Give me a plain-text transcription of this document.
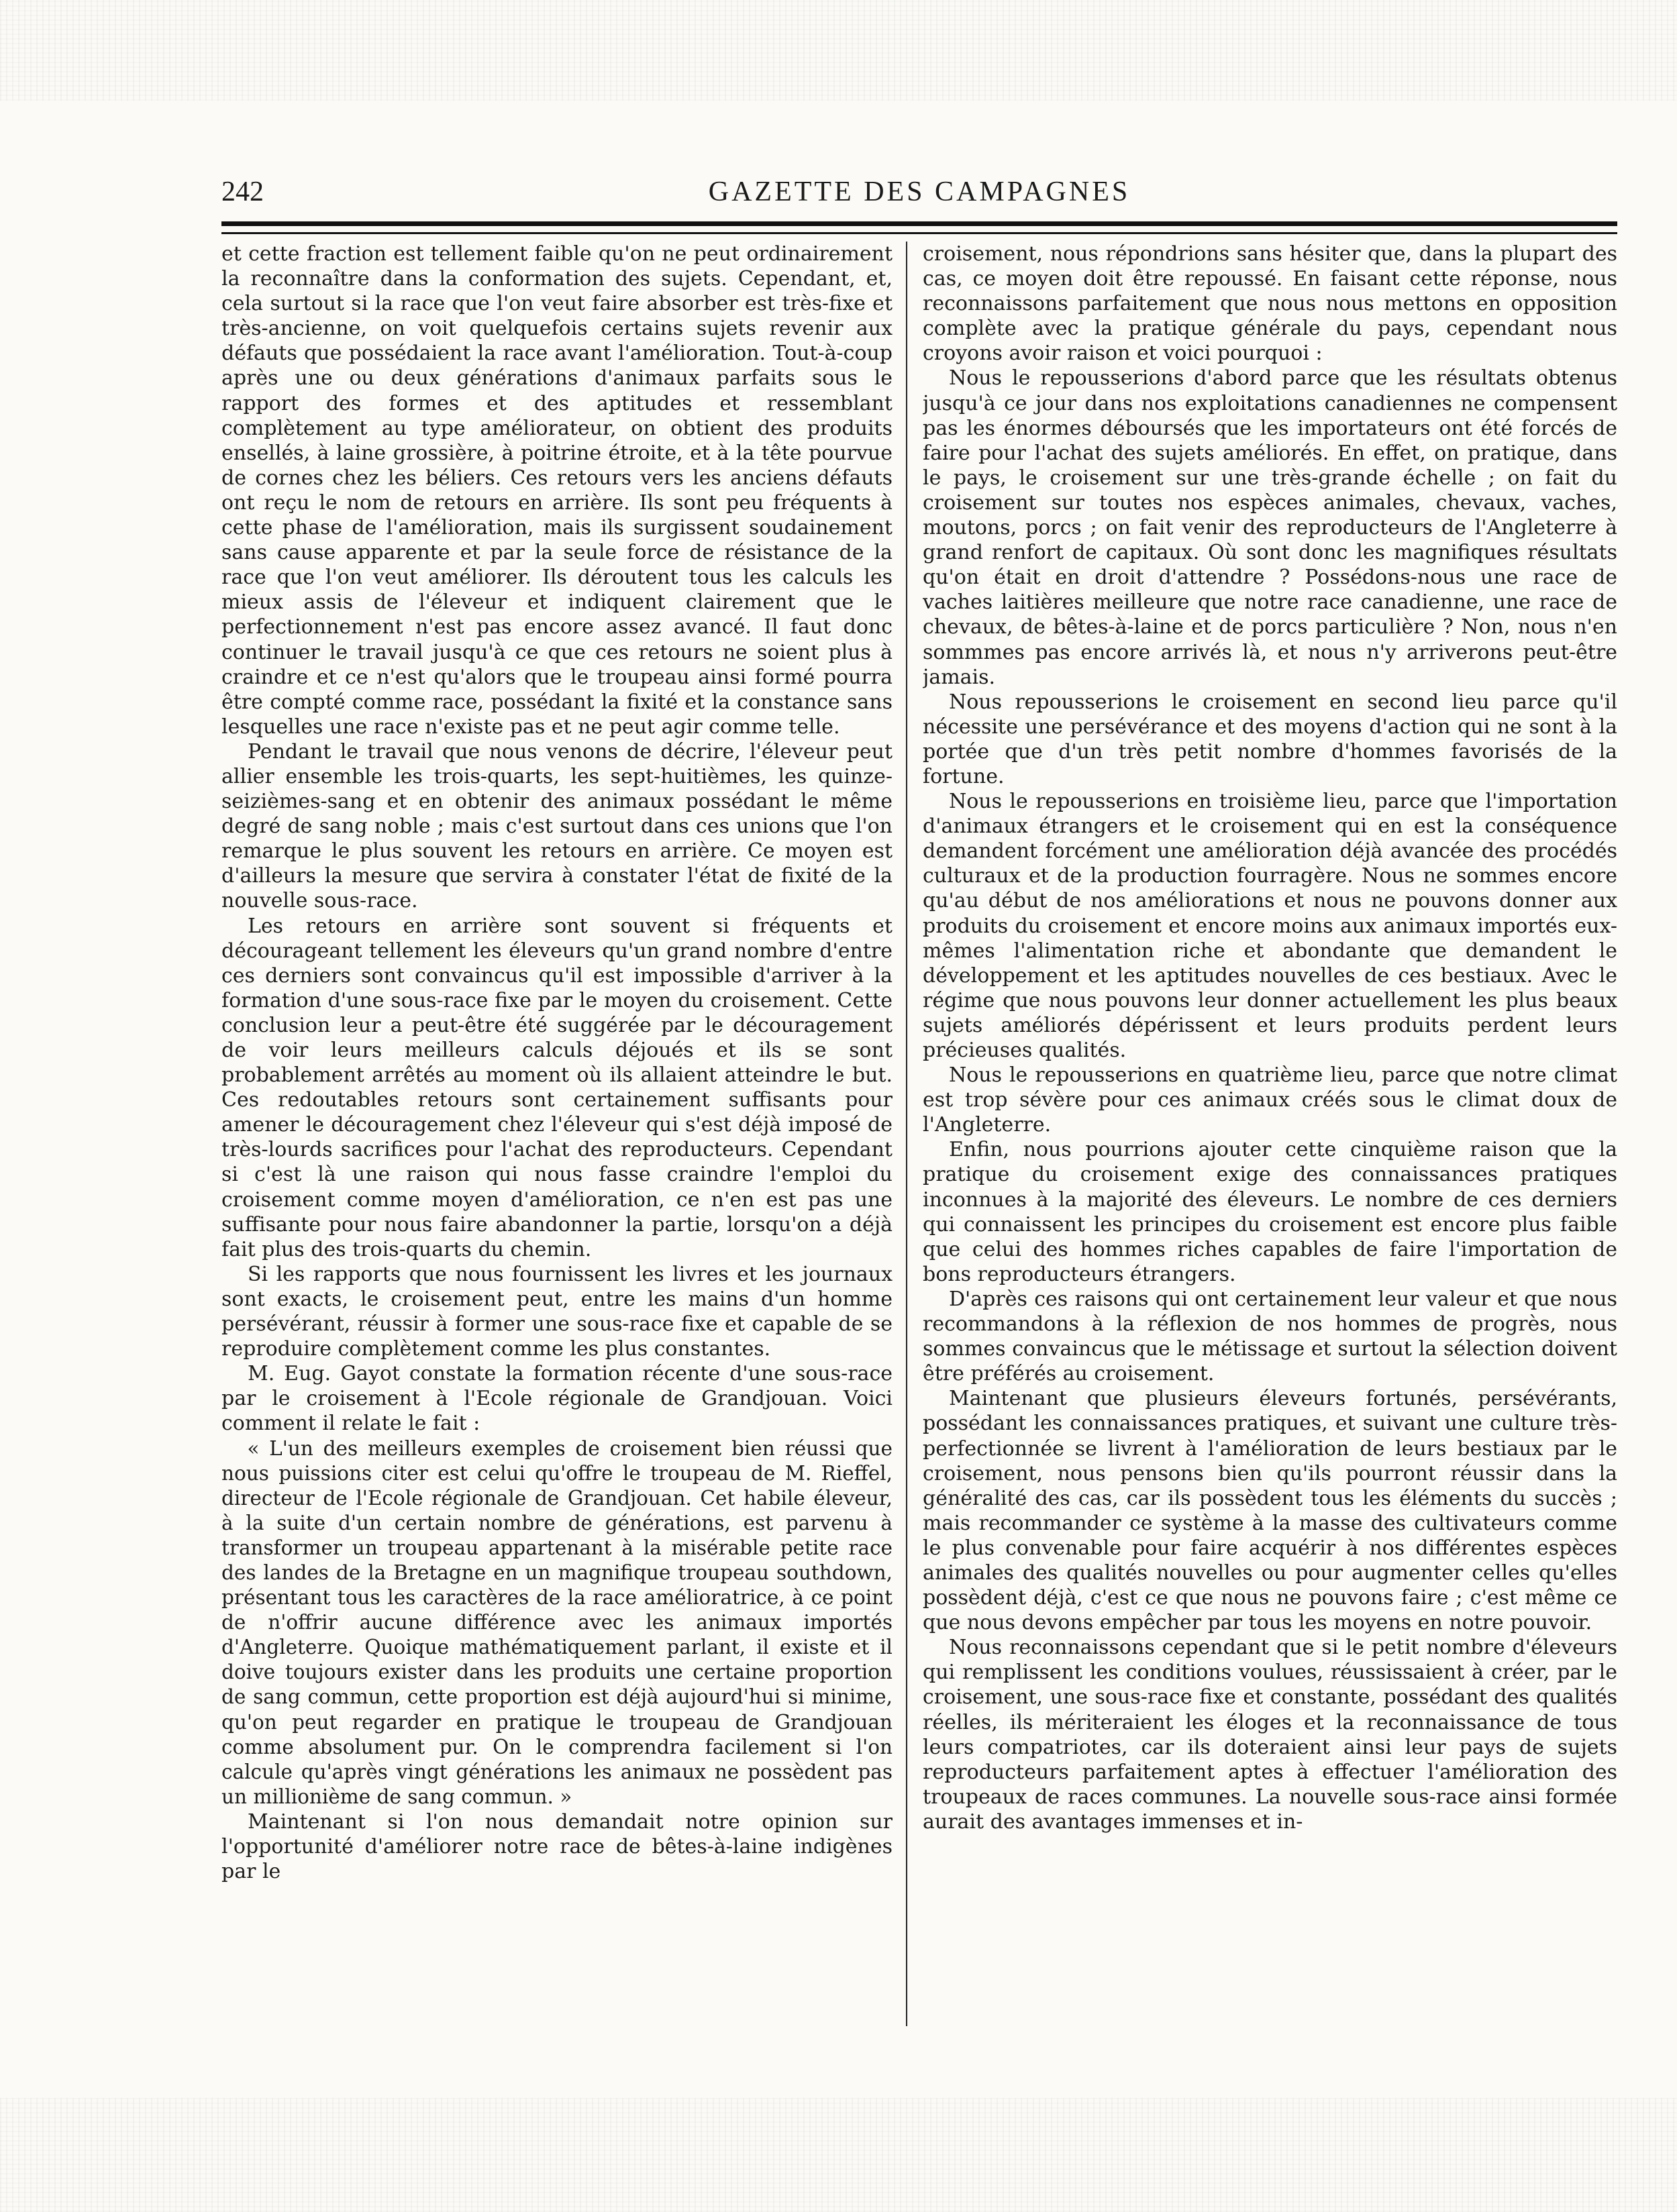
242	GAZETTE DES CAMPAGNES

et cette fraction est tellement faible qu'on ne peut ordinairement la reconnaître dans la conformation des sujets. Cependant, et, cela surtout si la race que l'on veut faire absorber est très-fixe et très-ancienne, on voit quelquefois certains sujets revenir aux défauts que possédaient la race avant l'amélioration. Tout-à-coup après une ou deux générations d'animaux parfaits sous le rapport des formes et des aptitudes et ressemblant complètement au type améliorateur, on obtient des produits ensellés, à laine grossière, à poitrine étroite, et à la tête pourvue de cornes chez les béliers. Ces retours vers les anciens défauts ont reçu le nom de retours en arrière. Ils sont peu fréquents à cette phase de l'amélioration, mais ils surgissent soudainement sans cause apparente et par la seule force de résistance de la race que l'on veut améliorer. Ils déroutent tous les calculs les mieux assis de l'éleveur et indiquent clairement que le perfectionnement n'est pas encore assez avancé. Il faut donc continuer le travail jusqu'à ce que ces retours ne soient plus à craindre et ce n'est qu'alors que le troupeau ainsi formé pourra être compté comme race, possédant la fixité et la constance sans lesquelles une race n'existe pas et ne peut agir comme telle.

Pendant le travail que nous venons de décrire, l'éleveur peut allier ensemble les trois-quarts, les sept-huitièmes, les quinze-seizièmes-sang et en obtenir des animaux possédant le même degré de sang noble ; mais c'est surtout dans ces unions que l'on remarque le plus souvent les retours en arrière. Ce moyen est d'ailleurs la mesure que servira à constater l'état de fixité de la nouvelle sous-race.

Les retours en arrière sont souvent si fréquents et décourageant tellement les éleveurs qu'un grand nombre d'entre ces derniers sont convaincus qu'il est impossible d'arriver à la formation d'une sous-race fixe par le moyen du croisement. Cette conclusion leur a peut-être été suggérée par le découragement de voir leurs meilleurs calculs déjoués et ils se sont probablement arrêtés au moment où ils allaient atteindre le but. Ces redoutables retours sont certainement suffisants pour amener le découragement chez l'éleveur qui s'est déjà imposé de très-lourds sacrifices pour l'achat des reproducteurs. Cependant si c'est là une raison qui nous fasse craindre l'emploi du croisement comme moyen d'amélioration, ce n'en est pas une suffisante pour nous faire abandonner la partie, lorsqu'on a déjà fait plus des trois-quarts du chemin.

Si les rapports que nous fournissent les livres et les journaux sont exacts, le croisement peut, entre les mains d'un homme persévérant, réussir à former une sous-race fixe et capable de se reproduire complètement comme les plus constantes.

M. Eug. Gayot constate la formation récente d'une sous-race par le croisement à l'Ecole régionale de Grandjouan. Voici comment il relate le fait :

« L'un des meilleurs exemples de croisement bien réussi que nous puissions citer est celui qu'offre le troupeau de M. Rieffel, directeur de l'Ecole régionale de Grandjouan. Cet habile éleveur, à la suite d'un certain nombre de générations, est parvenu à transformer un troupeau appartenant à la misérable petite race des landes de la Bretagne en un magnifique troupeau southdown, présentant tous les caractères de la race amélioratrice, à ce point de n'offrir aucune différence avec les animaux importés d'Angleterre. Quoique mathématiquement parlant, il existe et il doive toujours exister dans les produits une certaine proportion de sang commun, cette proportion est déjà aujourd'hui si minime, qu'on peut regarder en pratique le troupeau de Grandjouan comme absolument pur. On le comprendra facilement si l'on calcule qu'après vingt générations les animaux ne possèdent pas un millionième de sang commun. »

Maintenant si l'on nous demandait notre opinion sur l'opportunité d'améliorer notre race de bêtes-à-laine indigènes par le

croisement, nous répondrions sans hésiter que, dans la plupart des cas, ce moyen doit être repoussé. En faisant cette réponse, nous reconnaissons parfaitement que nous nous mettons en opposition complète avec la pratique générale du pays, cependant nous croyons avoir raison et voici pourquoi :

Nous le repousserions d'abord parce que les résultats obtenus jusqu'à ce jour dans nos exploitations canadiennes ne compensent pas les énormes déboursés que les importateurs ont été forcés de faire pour l'achat des sujets améliorés. En effet, on pratique, dans le pays, le croisement sur une très-grande échelle ; on fait du croisement sur toutes nos espèces animales, chevaux, vaches, moutons, porcs ; on fait venir des reproducteurs de l'Angleterre à grand renfort de capitaux. Où sont donc les magnifiques résultats qu'on était en droit d'attendre ? Possédons-nous une race de vaches laitières meilleure que notre race canadienne, une race de chevaux, de bêtes-à-laine et de porcs particulière ? Non, nous n'en sommmes pas encore arrivés là, et nous n'y arriverons peut-être jamais.

Nous repousserions le croisement en second lieu parce qu'il nécessite une persévérance et des moyens d'action qui ne sont à la portée que d'un très petit nombre d'hommes favorisés de la fortune.

Nous le repousserions en troisième lieu, parce que l'importation d'animaux étrangers et le croisement qui en est la conséquence demandent forcément une amélioration déjà avancée des procédés culturaux et de la production fourragère. Nous ne sommes encore qu'au début de nos améliorations et nous ne pouvons donner aux produits du croisement et encore moins aux animaux importés eux-mêmes l'alimentation riche et abondante que demandent le développement et les aptitudes nouvelles de ces bestiaux. Avec le régime que nous pouvons leur donner actuellement les plus beaux sujets améliorés dépérissent et leurs produits perdent leurs précieuses qualités.

Nous le repousserions en quatrième lieu, parce que notre climat est trop sévère pour ces animaux créés sous le climat doux de l'Angleterre.

Enfin, nous pourrions ajouter cette cinquième raison que la pratique du croisement exige des connaissances pratiques inconnues à la majorité des éleveurs. Le nombre de ces derniers qui connaissent les principes du croisement est encore plus faible que celui des hommes riches capables de faire l'importation de bons reproducteurs étrangers.

D'après ces raisons qui ont certainement leur valeur et que nous recommandons à la réflexion de nos hommes de progrès, nous sommes convaincus que le métissage et surtout la sélection doivent être préférés au croisement.

Maintenant que plusieurs éleveurs fortunés, persévérants, possédant les connaissances pratiques, et suivant une culture très-perfectionnée se livrent à l'amélioration de leurs bestiaux par le croisement, nous pensons bien qu'ils pourront réussir dans la généralité des cas, car ils possèdent tous les éléments du succès ; mais recommander ce système à la masse des cultivateurs comme le plus convenable pour faire acquérir à nos différentes espèces animales des qualités nouvelles ou pour augmenter celles qu'elles possèdent déjà, c'est ce que nous ne pouvons faire ; c'est même ce que nous devons empêcher par tous les moyens en notre pouvoir.

Nous reconnaissons cependant que si le petit nombre d'éleveurs qui remplissent les conditions voulues, réussissaient à créer, par le croisement, une sous-race fixe et constante, possédant des qualités réelles, ils mériteraient les éloges et la reconnaissance de tous leurs compatriotes, car ils doteraient ainsi leur pays de sujets reproducteurs parfaitement aptes à effectuer l'amélioration des troupeaux de races communes. La nouvelle sous-race ainsi formée aurait des avantages immenses et in-
